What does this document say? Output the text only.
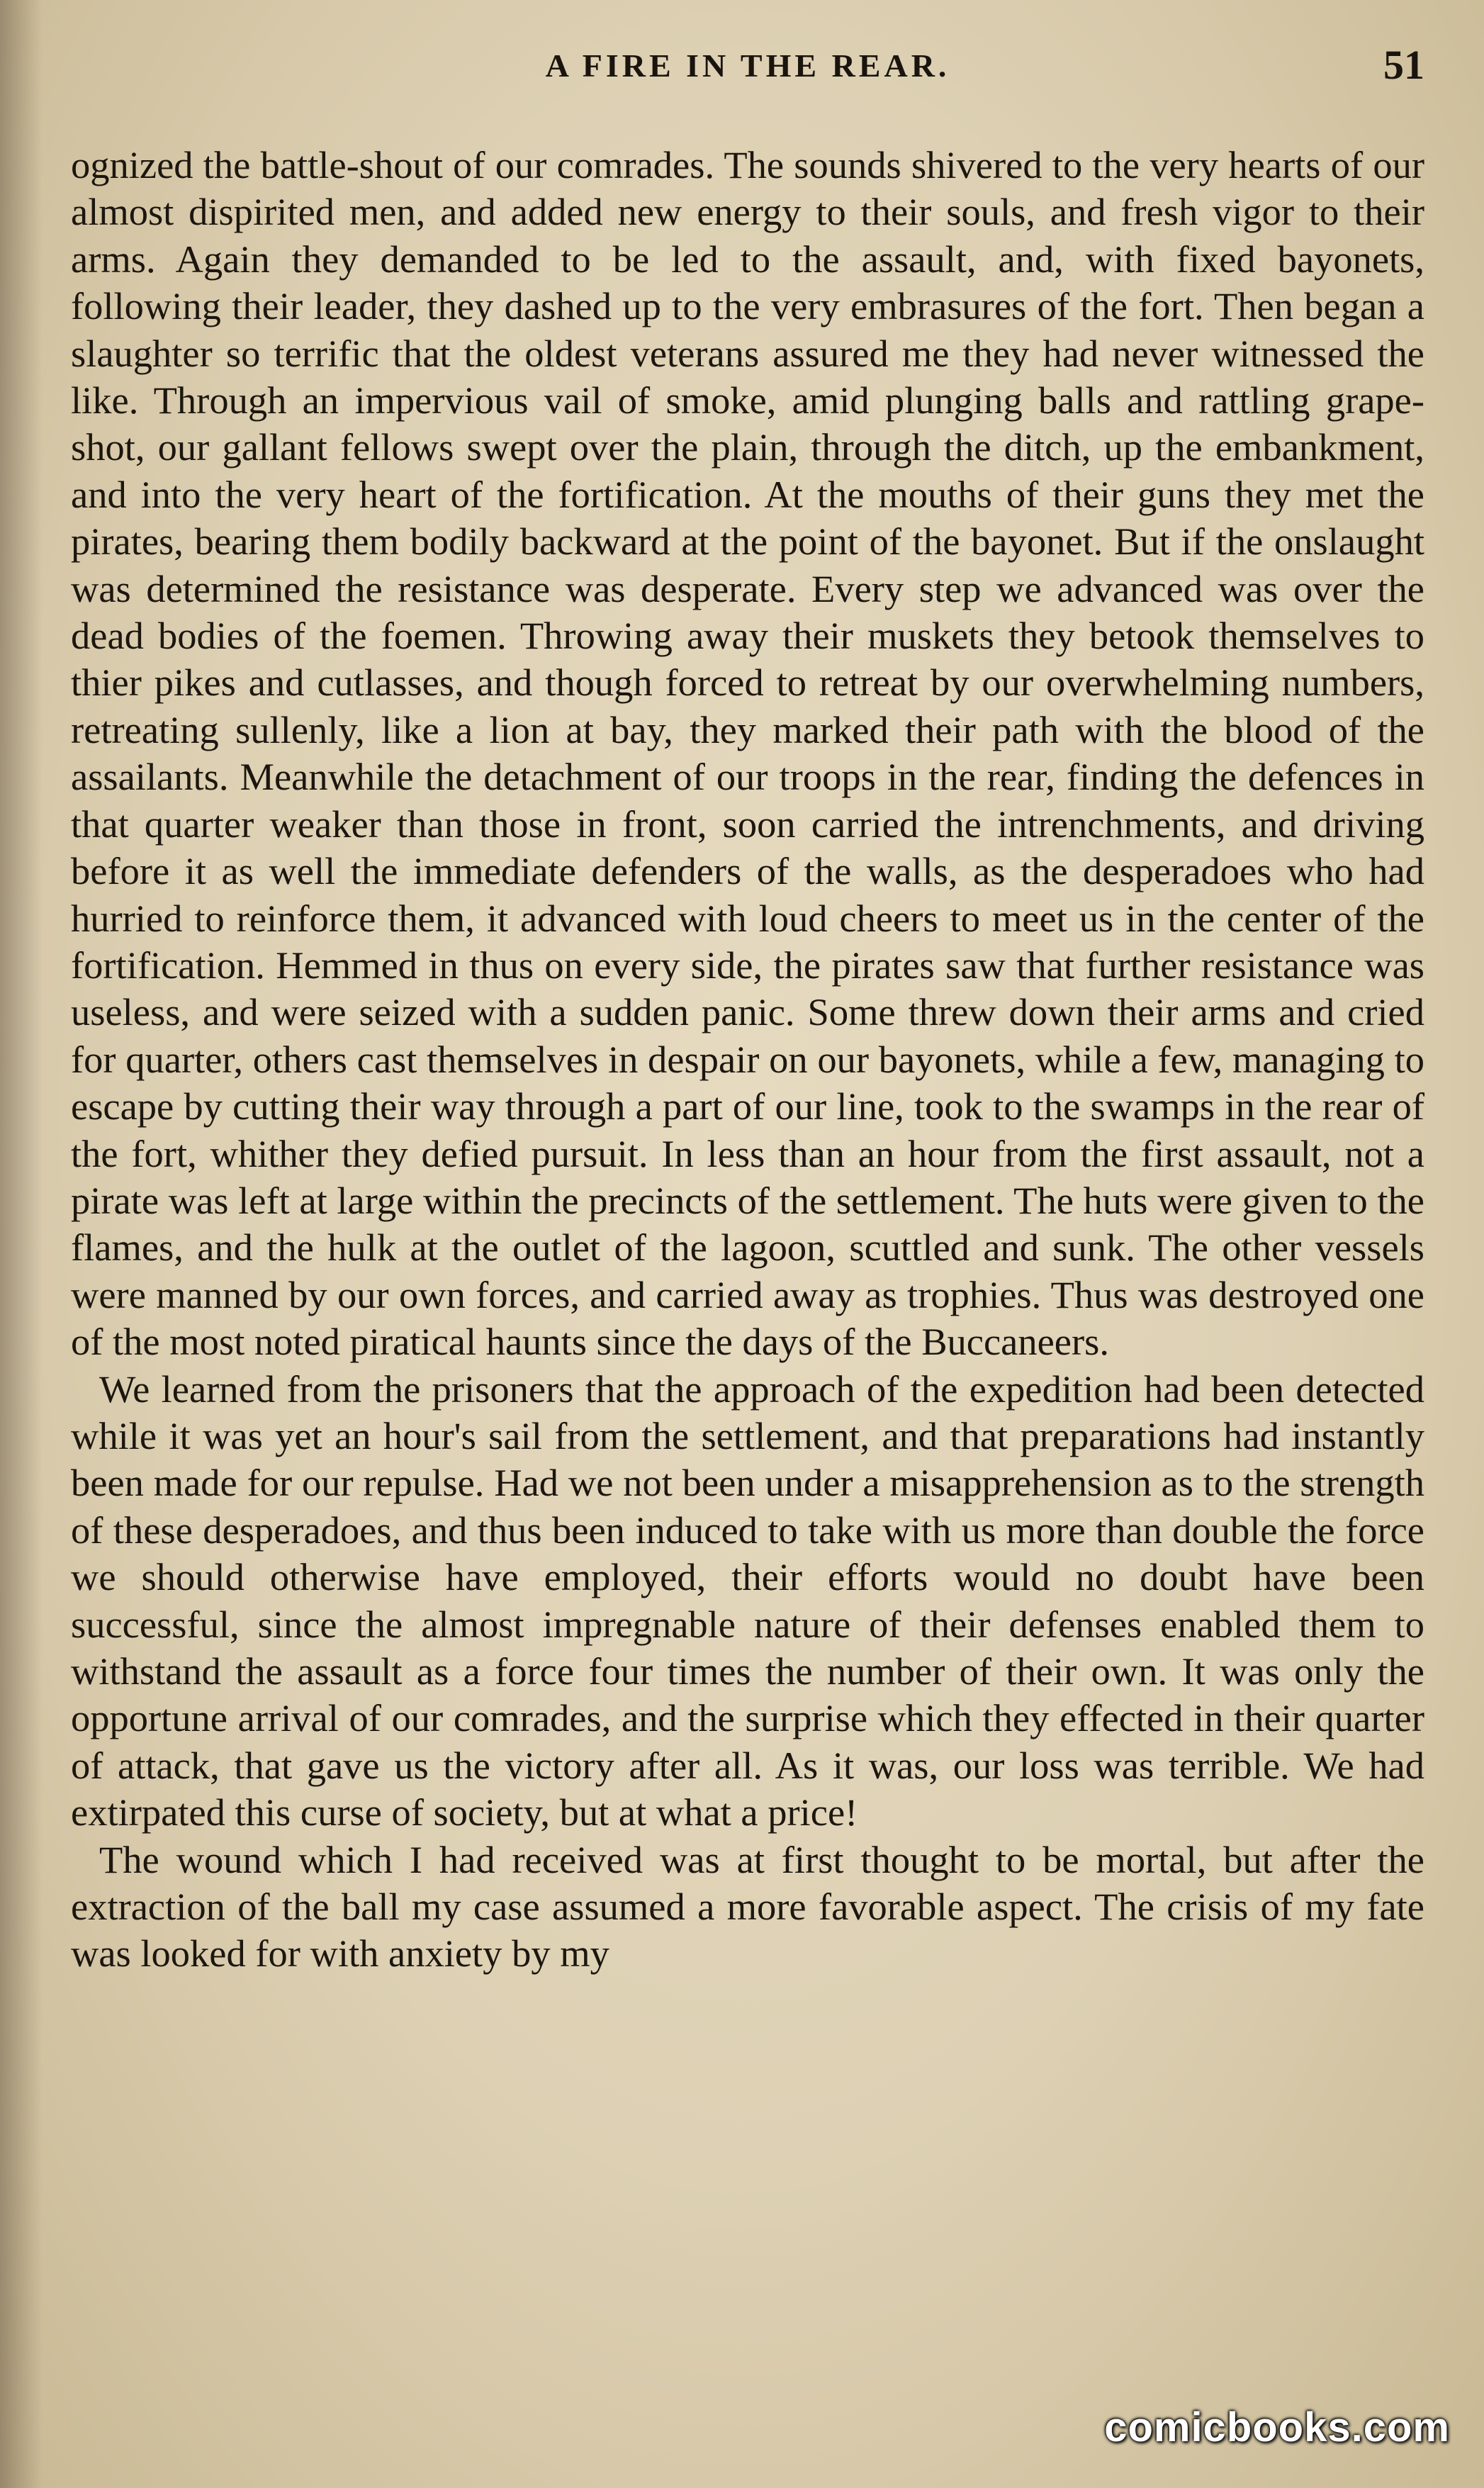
A FIRE IN THE REAR.	51

ognized the battle-shout of our comrades. The sounds shivered to the very hearts of our almost dispirited men, and added new energy to their souls, and fresh vigor to their arms. Again they demanded to be led to the assault, and, with fixed bayonets, following their leader, they dashed up to the very embrasures of the fort. Then began a slaughter so terrific that the oldest veterans assured me they had never witnessed the like. Through an impervious vail of smoke, amid plunging balls and rattling grape-shot, our gallant fellows swept over the plain, through the ditch, up the embankment, and into the very heart of the fortification. At the mouths of their guns they met the pirates, bearing them bodily backward at the point of the bayonet. But if the onslaught was determined the resistance was desperate. Every step we advanced was over the dead bodies of the foemen. Throwing away their muskets they betook themselves to thier pikes and cutlasses, and though forced to retreat by our overwhelming numbers, retreating sullenly, like a lion at bay, they marked their path with the blood of the assailants. Meanwhile the detachment of our troops in the rear, finding the defences in that quarter weaker than those in front, soon carried the intrenchments, and driving before it as well the immediate defenders of the walls, as the desperadoes who had hurried to reinforce them, it advanced with loud cheers to meet us in the center of the fortification. Hemmed in thus on every side, the pirates saw that further resistance was useless, and were seized with a sudden panic. Some threw down their arms and cried for quarter, others cast themselves in despair on our bayonets, while a few, managing to escape by cutting their way through a part of our line, took to the swamps in the rear of the fort, whither they defied pursuit. In less than an hour from the first assault, not a pirate was left at large within the precincts of the settlement. The huts were given to the flames, and the hulk at the outlet of the lagoon, scuttled and sunk. The other vessels were manned by our own forces, and carried away as trophies. Thus was destroyed one of the most noted piratical haunts since the days of the Buccaneers.

We learned from the prisoners that the approach of the expedition had been detected while it was yet an hour's sail from the settlement, and that preparations had instantly been made for our repulse. Had we not been under a misapprehension as to the strength of these desperadoes, and thus been induced to take with us more than double the force we should otherwise have employed, their efforts would no doubt have been successful, since the almost impregnable nature of their defenses enabled them to withstand the assault as a force four times the number of their own. It was only the opportune arrival of our comrades, and the surprise which they effected in their quarter of attack, that gave us the victory after all. As it was, our loss was terrible. We had extirpated this curse of society, but at what a price!

The wound which I had received was at first thought to be mortal, but after the extraction of the ball my case assumed a more favorable aspect. The crisis of my fate was looked for with anxiety by my

comicbooks.com
